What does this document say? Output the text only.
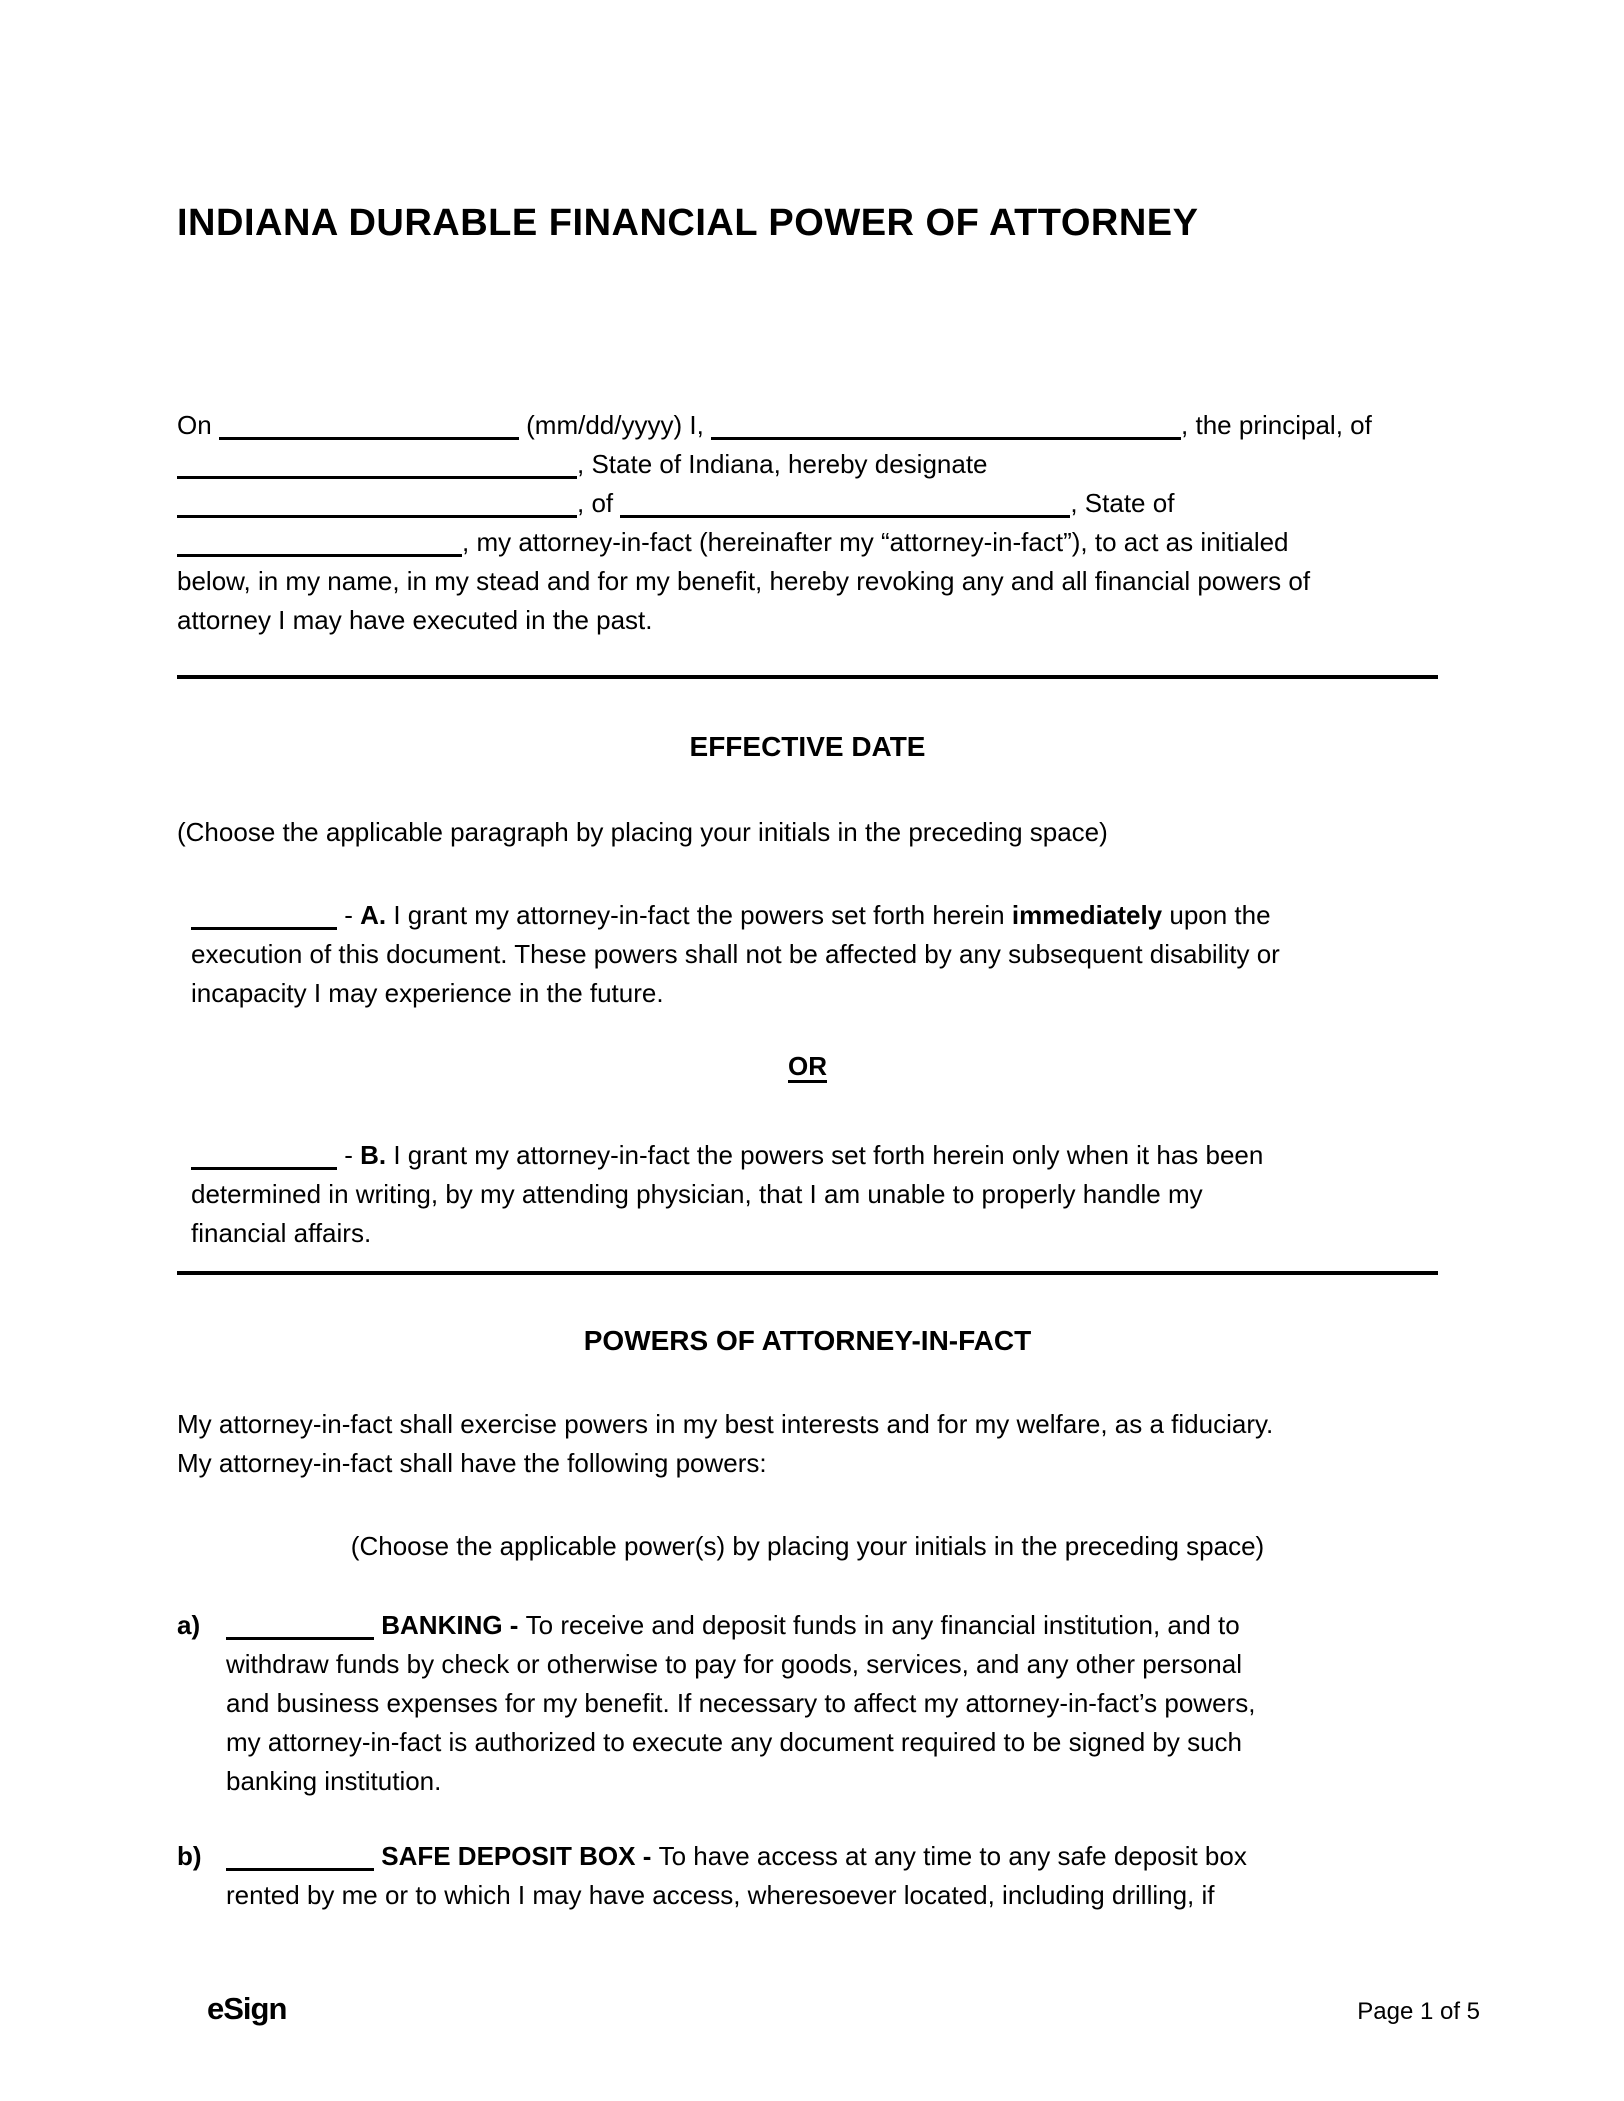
INDIANA DURABLE FINANCIAL POWER OF ATTORNEY
On	(mm/dd/yyyy) I,	, the principal, of
, State of Indiana, hereby designate
, of	, State of
, my attorney-in-fact (hereinafter my “attorney-in-fact”), to act as initialed
below, in my name, in my stead and for my benefit, hereby revoking any and all financial powers of
attorney I may have executed in the past.
EFFECTIVE DATE
(Choose the applicable paragraph by placing your initials in the preceding space)
- A. I grant my attorney-in-fact the powers set forth herein immediately upon the
execution of this document. These powers shall not be affected by any subsequent disability or
incapacity I may experience in the future.
OR
- B. I grant my attorney-in-fact the powers set forth herein only when it has been
determined in writing, by my attending physician, that I am unable to properly handle my
financial affairs.
POWERS OF ATTORNEY-IN-FACT
My attorney-in-fact shall exercise powers in my best interests and for my welfare, as a fiduciary.
My attorney-in-fact shall have the following powers:
(Choose the applicable power(s) by placing your initials in the preceding space)
a)	BANKING - To receive and deposit funds in any financial institution, and to
withdraw funds by check or otherwise to pay for goods, services, and any other personal
and business expenses for my benefit. If necessary to affect my attorney-in-fact’s powers,
my attorney-in-fact is authorized to execute any document required to be signed by such
banking institution.
b)	SAFE DEPOSIT BOX - To have access at any time to any safe deposit box
rented by me or to which I may have access, wheresoever located, including drilling, if
eSign	Page 1 of 5
